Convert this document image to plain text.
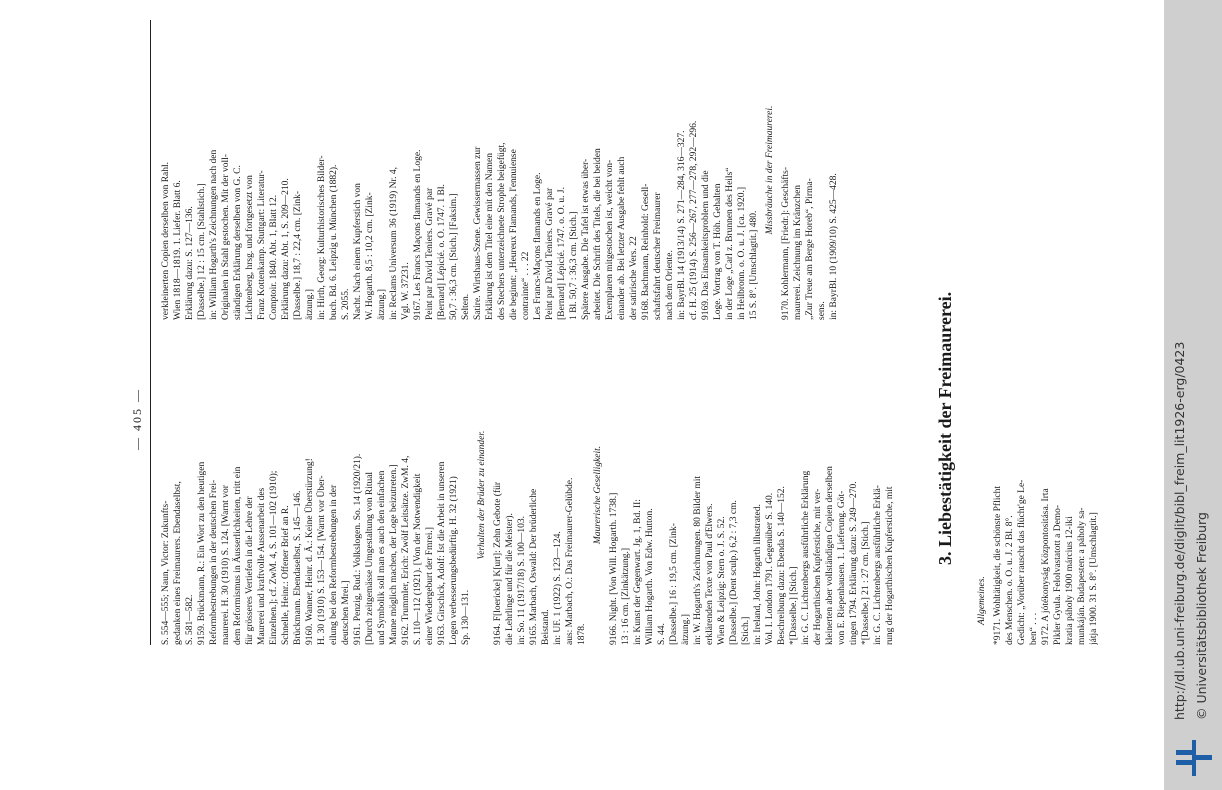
— 405 —
S. 554—555; Naun, Victor: Zukunfts- gedanken eines Freimaurers. Ebendaselbst, S. 581—582. 9159. Brückmann, R.: Ein Wort zu den heutigen Reformbestrebungen in der deutschen Frei- maurerei. H. 30 (1910) S. 124. [Warnt vor dem Reformismus in Äusserlichkeiten, tritt ein für grösseres Vertiefen in die Lehre der Maurerei und kraftvolle Aussenarbeit des Einzelnen.]; cf. ZwM. 4, S. 101—102 (1910); Schnelle, Heinr.: Offener Brief an R. Brückmann. Ebendaselbst, S. 145—146. 9160. Wanner, Heinr. d. Ä.: Keine Überstürzung! H. 30 (1910) S. 153—154. [Warnt vor Über- eilung bei den Reformbestrebungen in der deutschen Mrei.] 9161. Penzig, Rud.: Volkslogen. So. 14 (1920/21). [Durch zeitgemässe Umgestaltung von Ritual und Symbolik soll man es auch den einfachen Manne möglich machen, der Loge beizutreten.] 9162. Trummler, Erich: Zwölf Leitsätze. ZwM. 4, S. 110—112 (1921). [Von der Notwendigkeit einer Wiedergeburt der Fmrei.] 9163. Girschick, Adolf: Ist die Arbeit in unseren Logen verbesserungsbedürftig. H. 32 (1921) Sp. 130—131.
Verhalten der Brüder zu einander. 9164. F[loericke] K[urt]: Zehn Gebote (für die Lehrlinge und für die Meister). in: So. 11 (1917/18) S. 100—103. 9165. Marbach, Oswald: Der brüderliche Beistand. in: UF. 1 (1922) S. 123—124. aus: Marbach, O.: Das Freimaurer-Gelübde. 1878.
Maurerische Geselligkeit. 9166. Night. [Von Will. Hogarth. 1738.] 13 : 16 cm. [Zinkätzung.] in: Kunst der Gegenwart. Jg. 1, Bd. II: William Hogarth. Von Edw. Hutton. S. 44. [Dasselbe.] 16 : 19,5 cm. [Zink- ätzung.] in: W. Hogarth's Zeichnungen. 80 Bilder mit erklärenden Texte von Paul d'Elwers. Wien & Leipzig: Stern o. J. S. 52. [Dasselbe.] (Dent sculp.) 6,2 : 7,3 cm. [Stich.] in: Ireland, John: Hogarth illustrated. Vol. I. London 1791. Gegenüber S. 140. Beschreibung dazu: Ebenda S. 140—152. *[Dasselbe.] [Stich.] in: G. C. Lichtenbergs ausführliche Erklärung der Hogarthischen Kupferstiche, mit ver- kleinerten aber vollständigen Copien derselben von E. Riepenhausen. 1. Lieferung. Göt- tingen 1794. Erklärung dazu: S. 249—270. *[Dasselbe.] 21 : 27 cm. [Stich.] in: G. C. Lichtenbergs ausführliche Erklä- rung der Hogarthischen Kupferstiche, mit
verkleinerten Copien derselben von Rahl. Wien 1818—1819. 1. Liefer. Blatt 6. Erklärung dazu: S. 127—136. [Dasselbe.] 12 : 15 cm. [Stahlstich.] in: William Hogarth's Zeichnungen nach den Originalen in Stahl gestochen. Mit der voll- ständigen Erklärung derselben von G. C. Lichtenberg, hrsg. und fortgesetzt von Franz Kottenkamp. Stuttgart: Literatur- Comptoir. 1840. Abt. 1, Blatt 12. Erklärung dazu: Abt. 1, S. 209—210. [Dasselbe.] 18,7 : 22,4 cm. [Zink- ätzung.] in: Hirth, Georg: Kulturhistorisches Bilder- buch. Bd. 6. Leipzig u. München (1882). S. 2055. Nacht. Nach einem Kupferstich von W. Hogarth. 8,5 : 10,2 cm. [Zink- ätzung.] in: Reclams Universum 36 (1919) Nr. 4, Vgl. W. 37231. 9167. Les Francs Maçons flamands en Loge. Peint par David Teniers. Gravé par [Bernard] Lépicié. o. O. 1747. 1 Bl. 50,7 : 36,3 cm. [Stich.] [Faksim.] Selten. Satire. Wirtshaus-Szene. Gewissermassen zur Erklärung ist dem Titel eine mit den Namen des Stechers unterzeichnete Strophe beigefügt, die beginnt: „Heureux Flamands, l'ennuiense contrainte“ . . . 22 Les Francs-Maçons flamands en Loge. Peint par David Teniers. Gravé par [Bernard] Lépicié. 1747. o. O. u. J. 1 Bl. 50,7 : 36,3 cm. [Stich.] Spätere Ausgabe. Die Tafel ist etwas über- arbeitet. Die Schrift des Titels, die bei beiden Exemplaren mitgestochen ist, weicht von- einander ab. Bei letzter Ausgabe fehlt auch der satirische Vers. 22 9168. Bachmann, Reinhold: Gesell- schaftsfahrt deutscher Freimaurer nach dem Oriente. in: BayrBl. 14 (1913/14) S. 271—284, 316—327. cf. H. 25 (1914) S. 256—267, 277—278, 292—296. 9169. Das Einsamkeitsproblem und die Loge. Vortrag von T. Höh. Gehalten in der Loge „Carl z. Brunnen des Heils“ in Heilbronn. o. O. u. J. [ca. 1920.] 15 S. 8°. [Umschlagtit.] 480.
Missbräuche in der Freimaurerei. 9170. Kohlermann, [Friedr.]: Geschäfts- maurerei. Zeichnung im Kränzchen „Zur Treue am Berge Horeb“, Pirma- sens. in: BayrBl. 10 (1909/10) S. 425—428.
3. Liebestätigkeit der Freimaurerei.
Allgemeines. *9171. Wohltätigkeit, die schönste Pflicht des Menschen. o. O. u. J. 2 Bl. 8°. Gedicht: „Vorüber rauscht das flücht'ge Le- ben“ . . . 9172. A jótékonyság Központositása. Irta Pikler Gyula. Felolvastatott a Demo- kratia páholy 1900 március 12-iki munkáján. Budapesten: a páholy sa- játja 1900. 31 S. 8°. [Umschlagtit.]	http://dl.ub.uni-freiburg.de/diglit/bibl_freim_lit1926-erg/0423 © Universitätsbibliothek Freiburg
